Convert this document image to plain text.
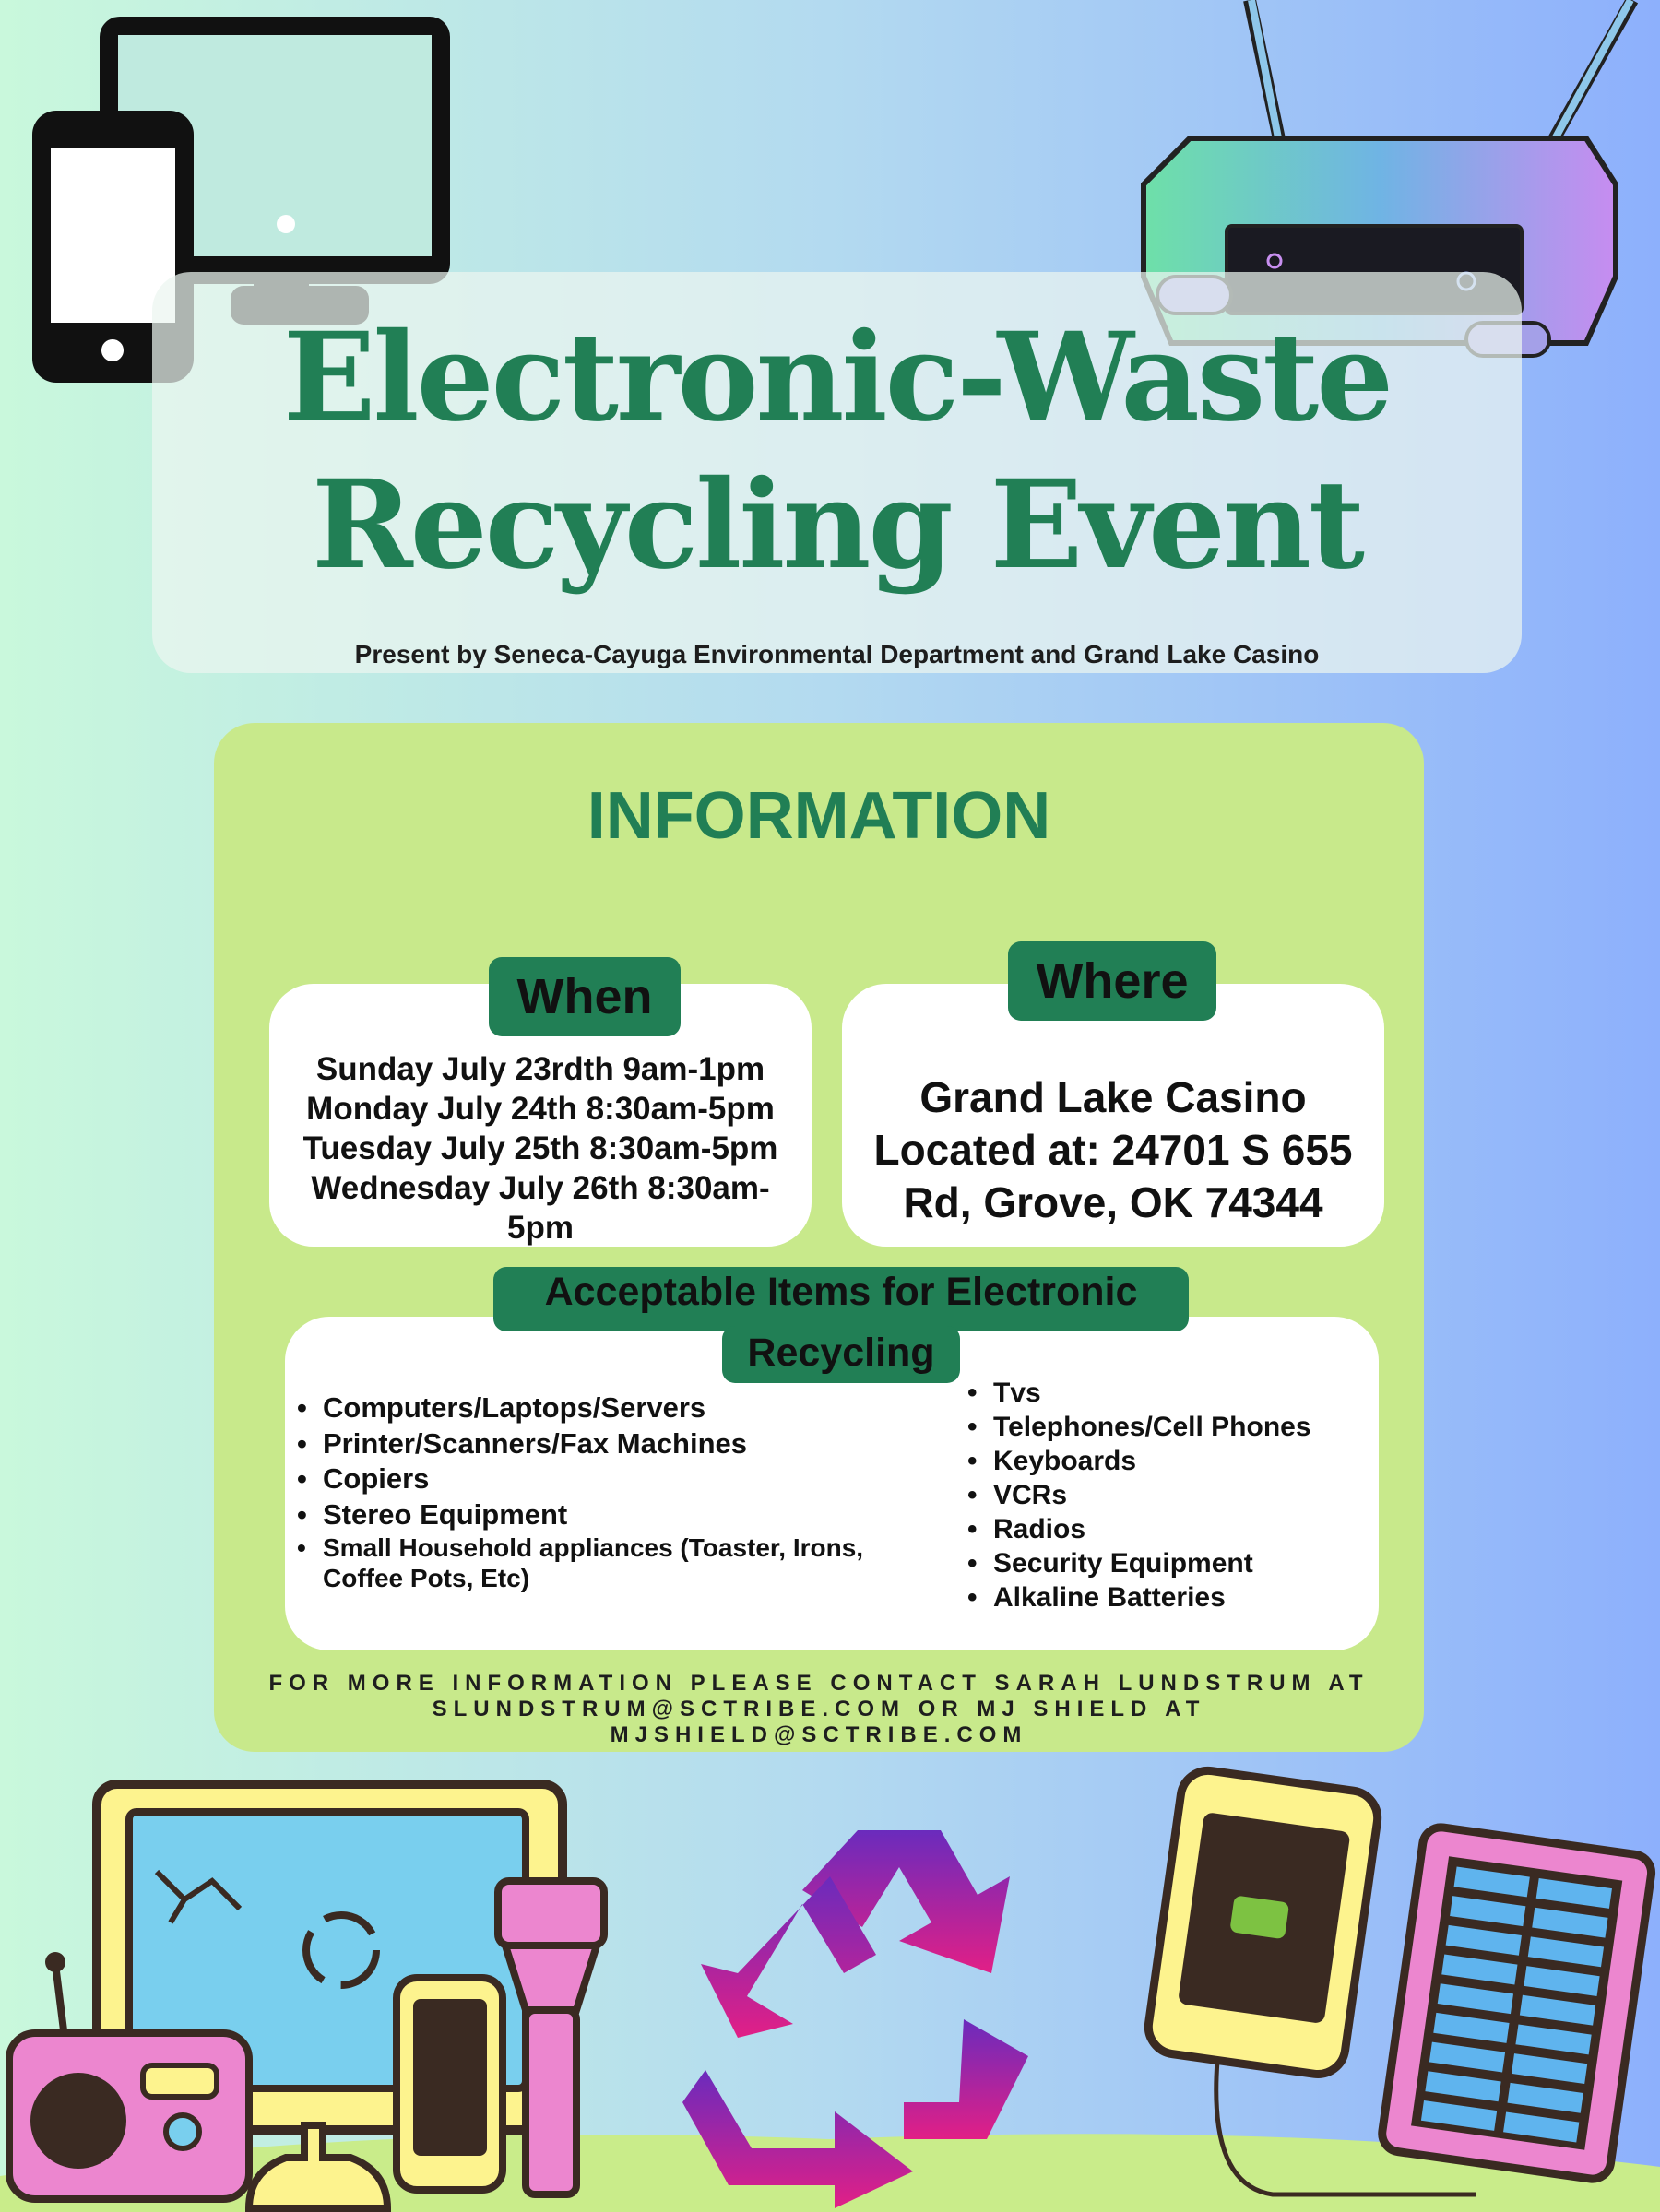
Electronic-Waste
Recycling Event
Present by Seneca-Cayuga Environmental Department and Grand Lake Casino
INFORMATION
When	Where
Acceptable Items for Electronic
Recycling
Sunday July 23rdth 9am-1pm
Monday July 24th 8:30am-5pm
Tuesday July 25th 8:30am-5pm
Wednesday July 26th 8:30am-
5pm
Grand Lake Casino
Located at: 24701 S 655
Rd, Grove, OK 74344
• Computers/Laptops/Servers
• Printer/Scanners/Fax Machines
• Copiers
• Stereo Equipment
• Small Household appliances (Toaster, Irons, Coffee Pots, Etc)
• Tvs
• Telephones/Cell Phones
• Keyboards
• VCRs
• Radios
• Security Equipment
• Alkaline Batteries
FOR MORE INFORMATION PLEASE CONTACT SARAH LUNDSTRUM AT
SLUNDSTRUM@SCTRIBE.COM OR MJ SHIELD AT
MJSHIELD@SCTRIBE.COM
